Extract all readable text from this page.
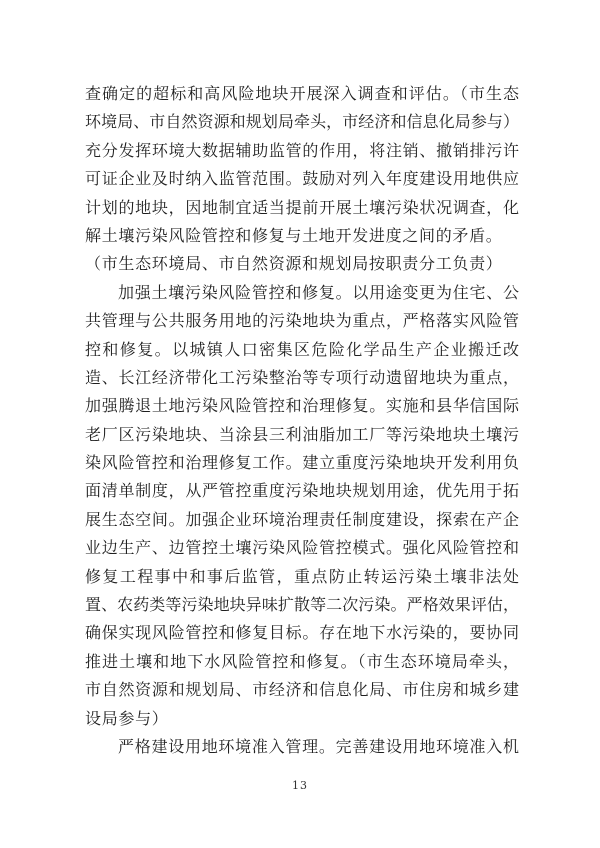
查确定的超标和高风险地块开展深入调查和评估。（市生态
环境局、市自然资源和规划局牵头，市经济和信息化局参与）
充分发挥环境大数据辅助监管的作用，将注销、撤销排污许
可证企业及时纳入监管范围。鼓励对列入年度建设用地供应
计划的地块，因地制宜适当提前开展土壤污染状况调查，化
解土壤污染风险管控和修复与土地开发进度之间的矛盾。
（市生态环境局、市自然资源和规划局按职责分工负责）
加强土壤污染风险管控和修复。以用途变更为住宅、公
共管理与公共服务用地的污染地块为重点，严格落实风险管
控和修复。以城镇人口密集区危险化学品生产企业搬迁改
造、长江经济带化工污染整治等专项行动遗留地块为重点，
加强腾退土地污染风险管控和治理修复。实施和县华信国际
老厂区污染地块、当涂县三利油脂加工厂等污染地块土壤污
染风险管控和治理修复工作。建立重度污染地块开发利用负
面清单制度，从严管控重度污染地块规划用途，优先用于拓
展生态空间。加强企业环境治理责任制度建设，探索在产企
业边生产、边管控土壤污染风险管控模式。强化风险管控和
修复工程事中和事后监管，重点防止转运污染土壤非法处
置、农药类等污染地块异味扩散等二次污染。严格效果评估，
确保实现风险管控和修复目标。存在地下水污染的，要协同
推进土壤和地下水风险管控和修复。（市生态环境局牵头，
市自然资源和规划局、市经济和信息化局、市住房和城乡建
设局参与）
严格建设用地环境准入管理。完善建设用地环境准入机
13
